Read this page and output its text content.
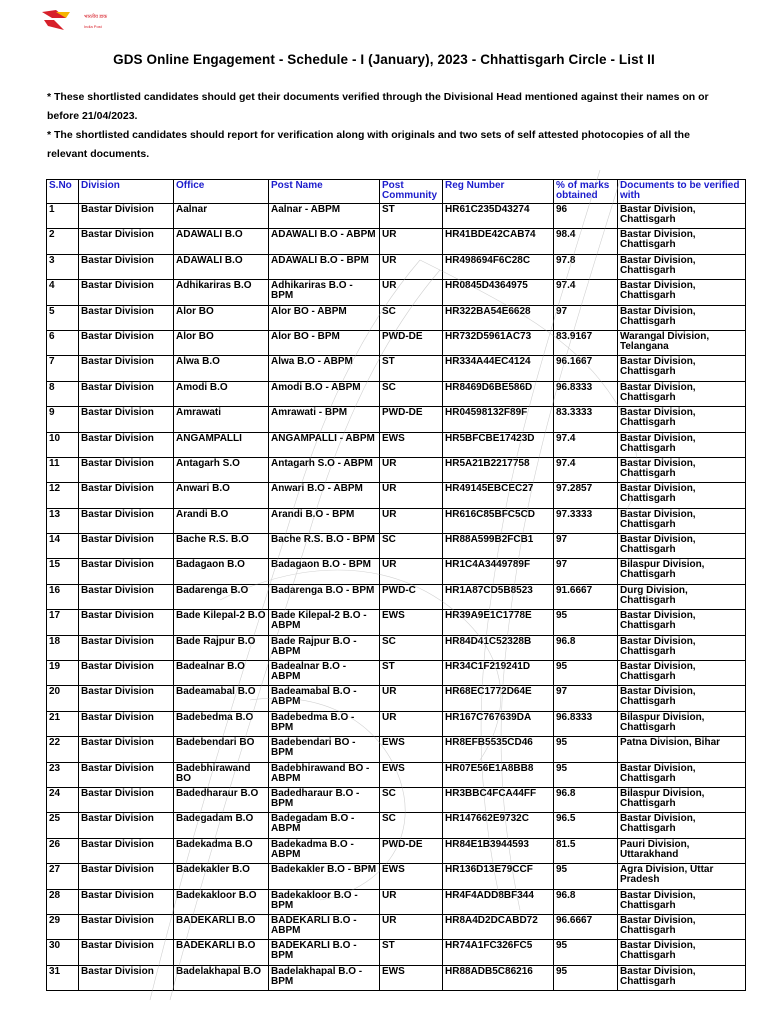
भारतीय डाक
India Post
GDS Online Engagement - Schedule - I (January), 2023 - Chhattisgarh Circle - List II

* These shortlisted candidates should get their documents verified through the Divisional Head mentioned against their names on or before 21/04/2023.

* The shortlisted candidates should report for verification along with originals and two sets of self attested photocopies of all the relevant documents.

S.No	Division	Office	Post Name	Post Community	Reg Number	% of marks obtained	Documents to be verified with
1	Bastar Division	Aalnar	Aalnar - ABPM	ST	HR61C235D43274	96	Bastar Division, Chattisgarh
2	Bastar Division	ADAWALI B.O	ADAWALI B.O - ABPM	UR	HR41BDE42CAB74	98.4	Bastar Division, Chattisgarh
3	Bastar Division	ADAWALI B.O	ADAWALI B.O - BPM	UR	HR498694F6C28C	97.8	Bastar Division, Chattisgarh
4	Bastar Division	Adhikariras B.O	Adhikariras B.O - BPM	UR	HR0845D4364975	97.4	Bastar Division, Chattisgarh
5	Bastar Division	Alor BO	Alor BO - ABPM	SC	HR322BA54E6628	97	Bastar Division, Chattisgarh
6	Bastar Division	Alor BO	Alor BO - BPM	PWD-DE	HR732D5961AC73	83.9167	Warangal Division, Telangana
7	Bastar Division	Alwa B.O	Alwa B.O - ABPM	ST	HR334A44EC4124	96.1667	Bastar Division, Chattisgarh
8	Bastar Division	Amodi B.O	Amodi B.O - ABPM	SC	HR8469D6BE586D	96.8333	Bastar Division, Chattisgarh
9	Bastar Division	Amrawati	Amrawati - BPM	PWD-DE	HR04598132F89F	83.3333	Bastar Division, Chattisgarh
10	Bastar Division	ANGAMPALLI	ANGAMPALLI - ABPM	EWS	HR5BFCBE17423D	97.4	Bastar Division, Chattisgarh
11	Bastar Division	Antagarh S.O	Antagarh S.O - ABPM	UR	HR5A21B2217758	97.4	Bastar Division, Chattisgarh
12	Bastar Division	Anwari B.O	Anwari B.O - ABPM	UR	HR49145EBCEC27	97.2857	Bastar Division, Chattisgarh
13	Bastar Division	Arandi B.O	Arandi B.O - BPM	UR	HR616C85BFC5CD	97.3333	Bastar Division, Chattisgarh
14	Bastar Division	Bache R.S. B.O	Bache R.S. B.O - BPM	SC	HR88A599B2FCB1	97	Bastar Division, Chattisgarh
15	Bastar Division	Badagaon B.O	Badagaon B.O - BPM	UR	HR1C4A3449789F	97	Bilaspur Division, Chattisgarh
16	Bastar Division	Badarenga B.O	Badarenga B.O - BPM	PWD-C	HR1A87CD5B8523	91.6667	Durg Division, Chattisgarh
17	Bastar Division	Bade Kilepal-2 B.O	Bade Kilepal-2 B.O - ABPM	EWS	HR39A9E1C1778E	95	Bastar Division, Chattisgarh
18	Bastar Division	Bade Rajpur B.O	Bade Rajpur B.O - ABPM	SC	HR84D41C52328B	96.8	Bastar Division, Chattisgarh
19	Bastar Division	Badealnar B.O	Badealnar B.O - ABPM	ST	HR34C1F219241D	95	Bastar Division, Chattisgarh
20	Bastar Division	Badeamabal B.O	Badeamabal B.O - ABPM	UR	HR68EC1772D64E	97	Bastar Division, Chattisgarh
21	Bastar Division	Badebedma B.O	Badebedma B.O - BPM	UR	HR167C767639DA	96.8333	Bilaspur Division, Chattisgarh
22	Bastar Division	Badebendari BO	Badebendari BO - BPM	EWS	HR8EFB5535CD46	95	Patna Division, Bihar
23	Bastar Division	Badebhirawand BO	Badebhirawand BO - ABPM	EWS	HR07E56E1A8BB8	95	Bastar Division, Chattisgarh
24	Bastar Division	Badedharaur B.O	Badedharaur B.O - BPM	SC	HR3BBC4FCA44FF	96.8	Bilaspur Division, Chattisgarh
25	Bastar Division	Badegadam B.O	Badegadam B.O - ABPM	SC	HR147662E9732C	96.5	Bastar Division, Chattisgarh
26	Bastar Division	Badekadma B.O	Badekadma B.O - ABPM	PWD-DE	HR84E1B3944593	81.5	Pauri Division, Uttarakhand
27	Bastar Division	Badekakler B.O	Badekakler B.O - BPM	EWS	HR136D13E79CCF	95	Agra Division, Uttar Pradesh
28	Bastar Division	Badekakloor B.O	Badekakloor B.O - BPM	UR	HR4F4ADD8BF344	96.8	Bastar Division, Chattisgarh
29	Bastar Division	BADEKARLI B.O	BADEKARLI B.O - ABPM	UR	HR8A4D2DCABD72	96.6667	Bastar Division, Chattisgarh
30	Bastar Division	BADEKARLI B.O	BADEKARLI B.O - BPM	ST	HR74A1FC326FC5	95	Bastar Division, Chattisgarh
31	Bastar Division	Badelakhapal B.O	Badelakhapal B.O - BPM	EWS	HR88ADB5C86216	95	Bastar Division, Chattisgarh
